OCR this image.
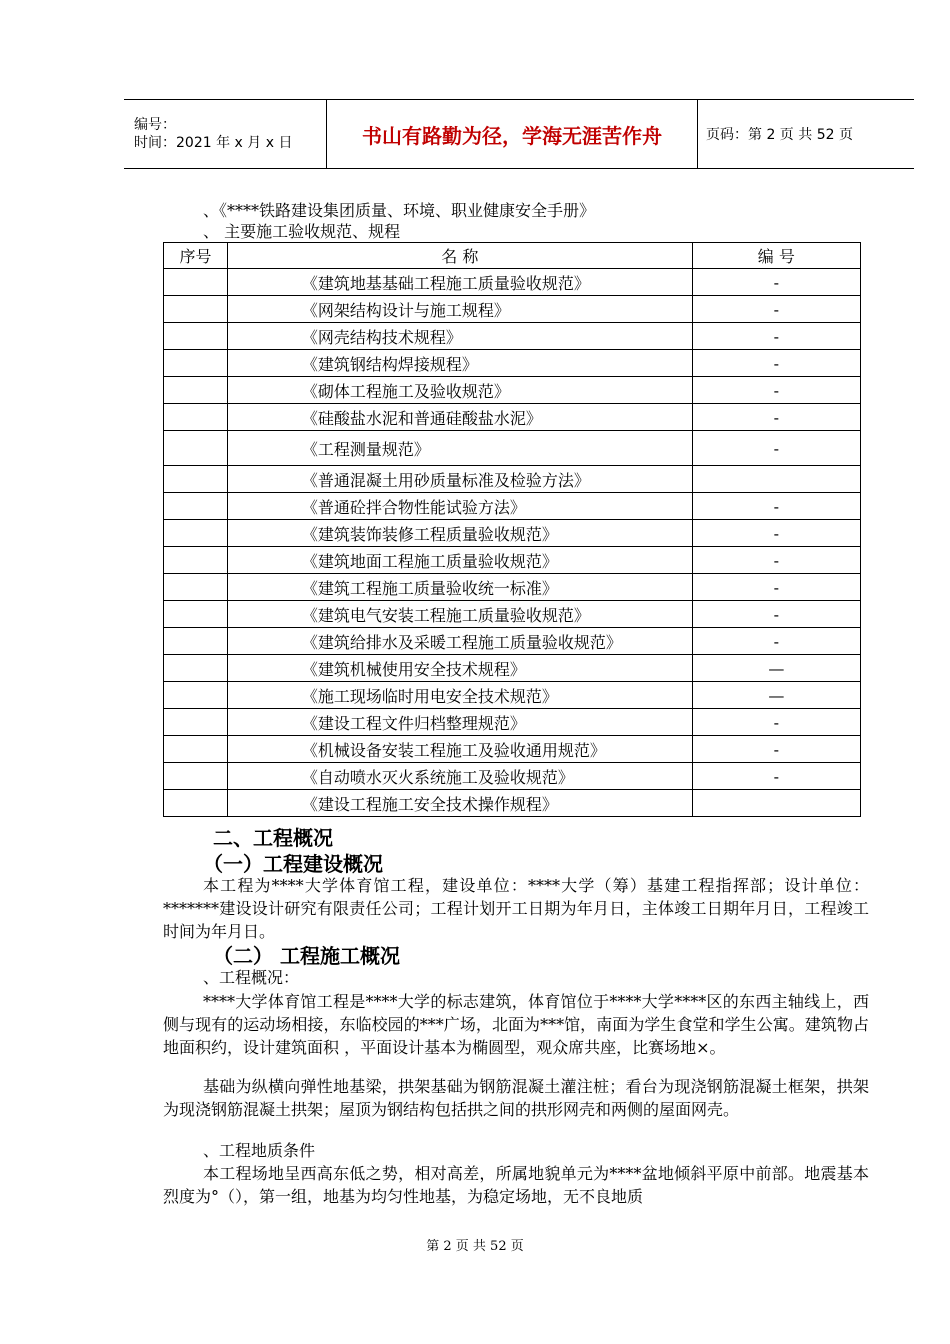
编号：
时间：2021 年 x 月 x 日	书山有路勤为径，学海无涯苦作舟	页码：第 2 页 共 52 页
、《****铁路建设集团质量、环境、职业健康安全手册》
、 主要施工验收规范、规程
序号	名 称	编 号
	《建筑地基基础工程施工质量验收规范》	-
	《网架结构设计与施工规程》	-
	《网壳结构技术规程》	-
	《建筑钢结构焊接规程》	-
	《砌体工程施工及验收规范》	-
	《硅酸盐水泥和普通硅酸盐水泥》	-
	《工程测量规范》	-
	《普通混凝土用砂质量标准及检验方法》	
	《普通砼拌合物性能试验方法》	-
	《建筑装饰装修工程质量验收规范》	-
	《建筑地面工程施工质量验收规范》	-
	《建筑工程施工质量验收统一标准》	-
	《建筑电气安装工程施工质量验收规范》	-
	《建筑给排水及采暖工程施工质量验收规范》	-
	《建筑机械使用安全技术规程》	—
	《施工现场临时用电安全技术规范》	—
	《建设工程文件归档整理规范》	-
	《机械设备安装工程施工及验收通用规范》	-
	《自动喷水灭火系统施工及验收规范》	-
	《建设工程施工安全技术操作规程》	
二、工程概况
（一）工程建设概况
本工程为****大学体育馆工程，建设单位：****大学（筹）基建工程指挥部；设计单位：*******建设设计研究有限责任公司；工程计划开工日期为年月日，主体竣工日期年月日，工程竣工时间为年月日。
（二） 工程施工概况
、工程概况：
****大学体育馆工程是****大学的标志建筑，体育馆位于****大学****区的东西主轴线上，西侧与现有的运动场相接，东临校园的***广场，北面为***馆，南面为学生食堂和学生公寓。建筑物占地面积约，设计建筑面积 ，平面设计基本为椭圆型，观众席共座，比赛场地×。
基础为纵横向弹性地基梁，拱架基础为钢筋混凝土灌注桩；看台为现浇钢筋混凝土框架，拱架为现浇钢筋混凝土拱架；屋顶为钢结构包括拱之间的拱形网壳和两侧的屋面网壳。
、工程地质条件
本工程场地呈西高东低之势，相对高差，所属地貌单元为****盆地倾斜平原中前部。地震基本烈度为°（），第一组，地基为均匀性地基，为稳定场地，无不良地质
第 2 页 共 52 页
